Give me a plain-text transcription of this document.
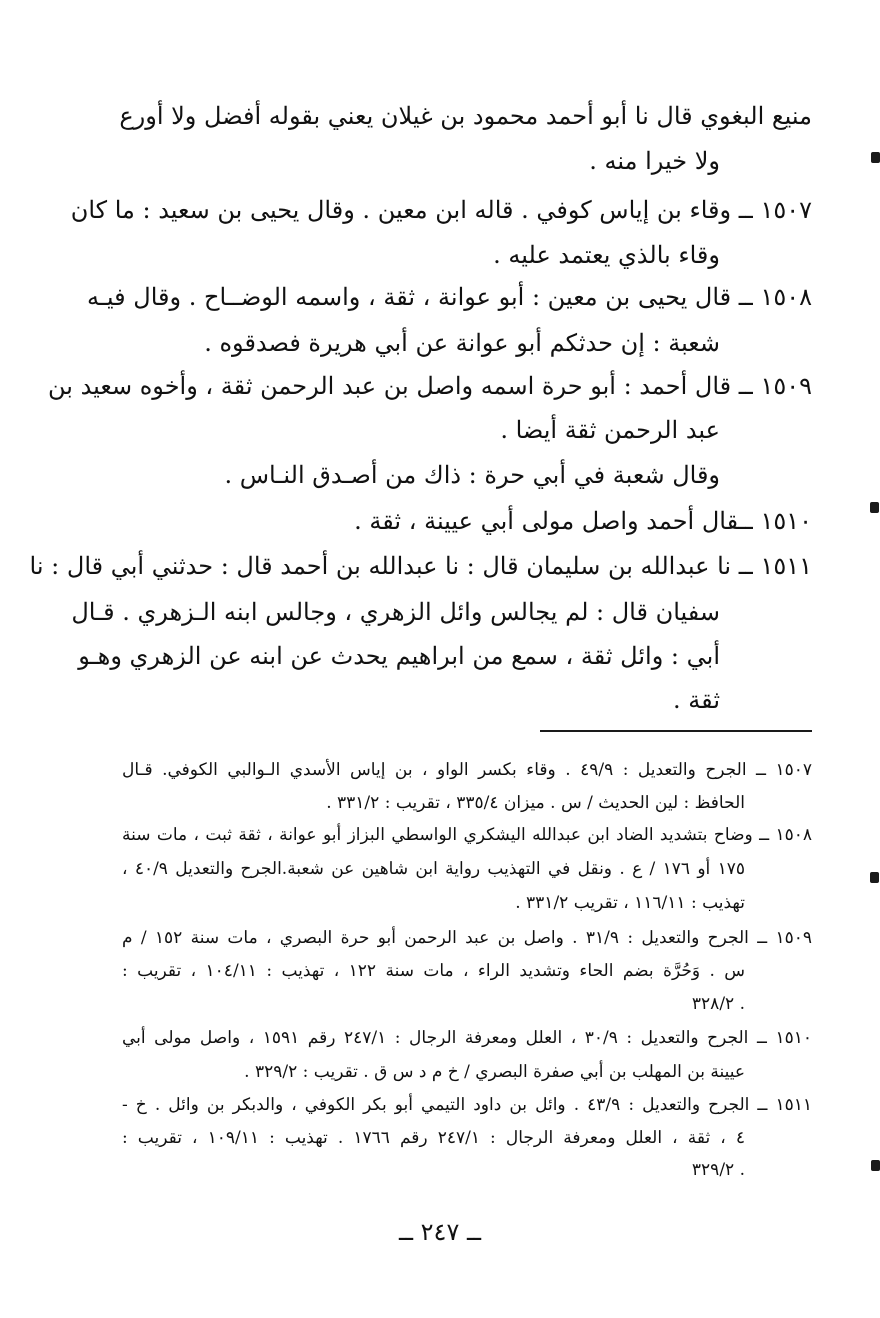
منيع البغوي قال نا أبو أحمد محمود بن غيلان يعني بقوله أفضل ولا أورع
ولا خيرا منه .
١٥٠٧ ــ وقاء بن إياس كوفي . قاله ابن معين . وقال يحيى بن سعيد : ما كان
وقاء بالذي يعتمد عليه .
١٥٠٨ ــ قال يحيى بن معين : أبو عوانة ، ثقة ، واسمه الوضــاح . وقال فيـه
شعبة : إن حدثكم أبو عوانة عن أبي هريرة فصدقوه .
١٥٠٩ ــ قال أحمد : أبو حرة اسمه واصل بن عبد الرحمن ثقة ، وأخوه سعيد بن
عبد الرحمن ثقة أيضا .
وقال شعبة في أبي حرة : ذاك من أصـدق النـاس .
١٥١٠ ــقال أحمد واصل مولى أبي عيينة ، ثقة .
١٥١١ ــ نا عبدالله بن سليمان قال : نا عبدالله بن أحمد قال : حدثني أبي قال : نا
سفيان قال : لم يجالس وائل الزهري ، وجالس ابنه الـزهري . قـال
أبي : وائل ثقة ، سمع من ابراهيم يحدث عن ابنه عن الزهري وهـو
ثقة .
١٥٠٧ ــ الجرح والتعديل : ٤٩/٩ . وقاء بكسر الواو ، بن إياس الأسدي الـوالبي الكوفي. قـال
الحافظ : لين الحديث / س . ميزان ٣٣٥/٤ ، تقريب : ٣٣١/٢ .
١٥٠٨ ــ وضاح بتشديد الضاد ابن عبدالله اليشكري الواسطي البزاز أبو عوانة ، ثقة ثبت ، مات سنة
١٧٥ أو ١٧٦ / ع . ونقل في التهذيب رواية ابن شاهين عن شعبة.الجرح والتعديل ٤٠/٩ ،
تهذيب : ١١٦/١١ ، تقريب ٣٣١/٢ .
١٥٠٩ ــ الجرح والتعديل : ٣١/٩ . واصل بن عبد الرحمن أبو حرة البصري ، مات سنة ١٥٢ / م
س . وَحُرَّة بضم الحاء وتشديد الراء ، مات سنة ١٢٢ ، تهذيب : ١٠٤/١١ ، تقريب :
٣٢٨/٢ .
١٥١٠ ــ الجرح والتعديل : ٣٠/٩ ، العلل ومعرفة الرجال : ٢٤٧/١ رقم ١٥٩١ ، واصل مولى أبي
عيينة بن المهلب بن أبي صفرة البصري / خ م د س ق . تقريب : ٣٢٩/٢ .
١٥١١ ــ الجرح والتعديل : ٤٣/٩ . وائل بن داود التيمي أبو بكر الكوفي ، والدبكر بن وائل . خ -
٤ ، ثقة ، العلل ومعرفة الرجال : ٢٤٧/١ رقم ١٧٦٦ . تهذيب : ١٠٩/١١ ، تقريب :
٣٢٩/٢ .
ــ ٢٤٧ ــ
